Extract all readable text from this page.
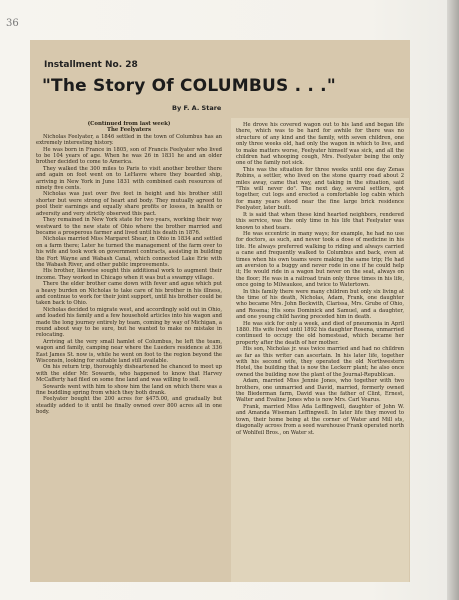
36
Installment No. 28
"The Story Of COLUMBUS . . ."
By F. A. Stare

(Continued from last week)

The Feelyaters

Nicholas Feelyater, a 1846 settled in the town of Columbus has an extremely interesting history.

He was born in France in 1805, son of Francis Feelyater who lived to be 104 years of age. When he was 26 in 1831 he and an older brother decided to come to America.

They walked the 300 miles to Paris to visit another brother there and again on foot went on to LeHavre where they boarded ship, arriving in New York in June 1831 with combined cash resources of ninety five cents.

Nicholas was just over five feet in height and his brother still shorter but were strong of heart and body. They mutually agreed to pool their earnings and equally share profits or losses, in health or adversity and very strictly observed this pact.

They remained in New York state for two years, working their way westward to the new state of Ohio where the brother married and became a prosperous farmer and lived until his death in 1876.

Nicholas married Miss Margaret Shear, in Ohio in 1834 and settled on a farm there; Later he turned the management of the farm over to his wife and took work on government contracts, assisting in building the Fort Wayne and Wabash Canal, which connected Lake Erie with the Wabash River, and other public improvements.

His brother, likewise sought this additional work to augment their income. They worked in Chicago when it was but a swampy village.

There the elder brother came down with fever and ague which put a heavy burden on Nicholas to take care of his brother in his illness, and continue to work for their joint support, until his brother could be taken back to Ohio.

Nicholas decided to migrate west, and accordingly sold out in Ohio, and loaded his family and a few household articles into his wagon and made the long journey entirely by team, coming by way of Michigan, a round about way to be sure, but he wanted to make no mistake in relocating.

Arriving at the very small hamlet of Columbus, he left the team, wagon and family, camping near where the Lueders residence at 336 East James St. now is, while he went on foot to the region beyond the Wisconsin, looking for suitable land still available.

On his return trip, thoroughly disheartened he chanced to meet up with the elder Mr. Sowards, who happened to know that Harvey McCafferty had filed on some fine land and was willing to sell.

Sowards went with him to show him the land on which there was a fine buddling spring from which they both drank.

Feelyater bought the 200 acres for $475.00, and gradually but steadily added to it until he finally owned over 800 acres all in one body.

He drove his covered wagon out to his land and began life there, which was to be hard for awhile for there was no structure of any kind and the family, with seven children, one only three weeks old, had only the wagon in which to live, and to make matters worse, Feelyater himself was sick, and all the children had whooping cough, Mrs. Feelyater being the only one of the family not sick.

This was the situation for three weeks until one day Zenas Robins, a settler, who lived on the stone quarry road about 2 miles away, came that way, and taking in the situation, said "This will never do". The next day, several settlers, got together, cut logs and erected a comfortable log cabin which for many years stood near the fine large brick residence Feelyater, later built.

It is said that when these kind hearted neighbors, rendered this service, was the only time in his life that Feelyater was known to shed tears.

He was eccentric in many ways; for example, he had no use for doctors, as such, and never took a dose of medicine in his life. He always preferred walking to riding and always carried a cane and frequently walked to Columbus and back, even at times when his own teams were making the same trip; He had an aversion to a buggy and never rode in one if he could help it; He would ride in a wagon but never on the seat, always on the floor; He was in a railroad train only three times in his life, once going to Milwaukee, and twice to Watertown.

In this family there were many children but only six living at the time of his death, Nicholas, Adam, Frank, one daughter who became Mrs. John Beckwith, Clarissa, Mrs. Grube of Ohio, and Rosena; His sons Dominick and Samuel, and a daughter, and one young child having preceded him in death.

He was sick for only a week, and died of pneumonia in April 1880. His wife lived until 1892 his daughter Rosena, unmarried continued to occupy the old homestead, which became her property after the death of her mother.

His son, Nicholas jr. was twice married and had no children as far as this writer can ascertain. In his later life, together with his second wife, they operated the old Northwestern Hotel, the building that is now the Leckerr plant; he also once owned the building now the plant of the Journal-Republican.

Adam, married Miss Jennie Jones, who together with two brothers, one unmarried and David, married, formerly owned the Biederman farm, David was the father of Clint, Ernest, Walter and Evaline Jones who is now Mrs. Carl Vearus.

Frank, married Miss Ada Leffingwell, daughter of John W. and Amanda Wiseman Leffingwell. In later life they moved to town, their home being at the corner of Water and Mill sts, diagonally across from a seed warehouse Frank operated north of Wohlfeil Bros., on Water st.
